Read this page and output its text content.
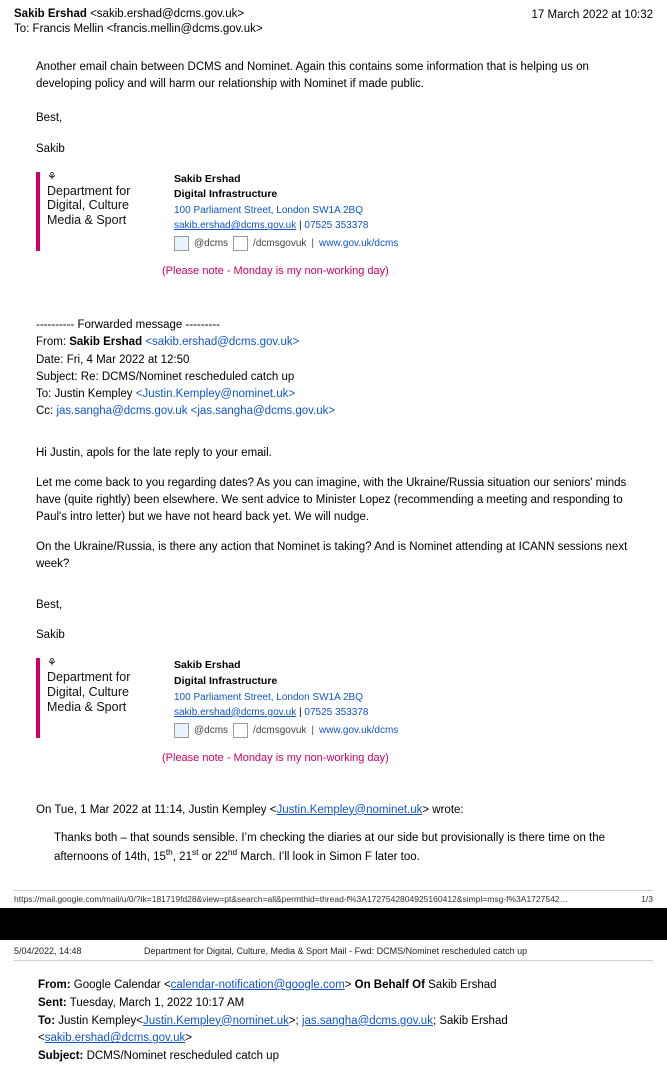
Sakib Ershad <sakib.ershad@dcms.gov.uk>	17 March 2022 at 10:32
To: Francis Mellin <francis.mellin@dcms.gov.uk>

Another email chain between DCMS and Nominet. Again this contains some information that is helping us on developing policy and will harm our relationship with Nominet if made public.

Best,

Sakib

⚘
Department for
Digital, Culture
Media & Sport
Sakib Ershad
Digital Infrastructure
100 Parliament Street, London SW1A 2BQ
sakib.ershad@dcms.gov.uk | 07525 353378
@dcms	/dcmsgovuk | www.gov.uk/dcms
(Please note - Monday is my non-working day)
---------- Forwarded message ---------
From: Sakib Ershad <sakib.ershad@dcms.gov.uk>
Date: Fri, 4 Mar 2022 at 12:50
Subject: Re: DCMS/Nominet rescheduled catch up
To: Justin Kempley <Justin.Kempley@nominet.uk>
Cc: jas.sangha@dcms.gov.uk <jas.sangha@dcms.gov.uk>

Hi Justin, apols for the late reply to your email.

Let me come back to you regarding dates? As you can imagine, with the Ukraine/Russia situation our seniors' minds have (quite rightly) been elsewhere. We sent advice to Minister Lopez (recommending a meeting and responding to Paul's intro letter) but we have not heard back yet. We will nudge.

On the Ukraine/Russia, is there any action that Nominet is taking? And is Nominet attending at ICANN sessions next week?

Best,

Sakib

⚘
Department for
Digital, Culture
Media & Sport
Sakib Ershad
Digital Infrastructure
100 Parliament Street, London SW1A 2BQ
sakib.ershad@dcms.gov.uk | 07525 353378
@dcms	/dcmsgovuk | www.gov.uk/dcms
(Please note - Monday is my non-working day)
On Tue, 1 Mar 2022 at 11:14, Justin Kempley <Justin.Kempley@nominet.uk> wrote:
Thanks both – that sounds sensible. I’m checking the diaries at our side but provisionally is there time on the afternoons of 14th, 15th, 21st or 22nd March. I’ll look in Simon F later too.
https://mail.google.com/mail/u/0/?ik=181719fd28&view=pt&search=all&permthid=thread-f%3A1727542804925160412&simpl=msg-f%3A1727542…	1/3
5/04/2022, 14:48	Department for Digital, Culture, Media & Sport Mail - Fwd: DCMS/Nominet rescheduled catch up
From: Google Calendar <calendar-notification@google.com> On Behalf Of Sakib Ershad
Sent: Tuesday, March 1, 2022 10:17 AM
To: Justin Kempley<Justin.Kempley@nominet.uk>; jas.sangha@dcms.gov.uk; Sakib Ershad
<sakib.ershad@dcms.gov.uk>
Subject: DCMS/Nominet rescheduled catch up
